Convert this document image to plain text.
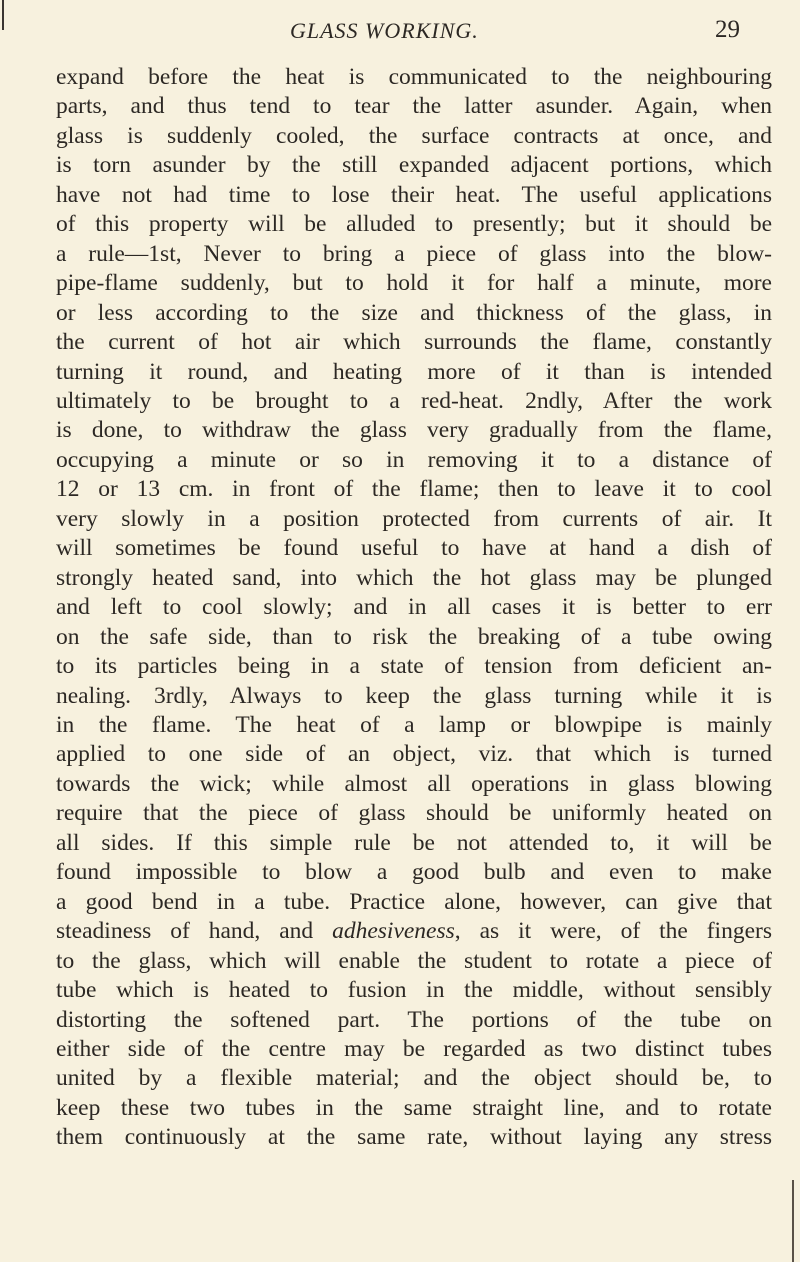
GLASS WORKING.	29

expand before the heat is communicated to the neighbouring
parts, and thus tend to tear the latter asunder. Again, when
glass is suddenly cooled, the surface contracts at once, and
is torn asunder by the still expanded adjacent portions, which
have not had time to lose their heat. The useful applications
of this property will be alluded to presently; but it should be
a rule—1st, Never to bring a piece of glass into the blow-
pipe-flame suddenly, but to hold it for half a minute, more
or less according to the size and thickness of the glass, in
the current of hot air which surrounds the flame, constantly
turning it round, and heating more of it than is intended
ultimately to be brought to a red-heat. 2ndly, After the work
is done, to withdraw the glass very gradually from the flame,
occupying a minute or so in removing it to a distance of
12 or 13 cm. in front of the flame; then to leave it to cool
very slowly in a position protected from currents of air. It
will sometimes be found useful to have at hand a dish of
strongly heated sand, into which the hot glass may be plunged
and left to cool slowly; and in all cases it is better to err
on the safe side, than to risk the breaking of a tube owing
to its particles being in a state of tension from deficient an-
nealing. 3rdly, Always to keep the glass turning while it is
in the flame. The heat of a lamp or blowpipe is mainly
applied to one side of an object, viz. that which is turned
towards the wick; while almost all operations in glass blowing
require that the piece of glass should be uniformly heated on
all sides. If this simple rule be not attended to, it will be
found impossible to blow a good bulb and even to make
a good bend in a tube. Practice alone, however, can give that
steadiness of hand, and adhesiveness, as it were, of the fingers
to the glass, which will enable the student to rotate a piece of
tube which is heated to fusion in the middle, without sensibly
distorting the softened part. The portions of the tube on
either side of the centre may be regarded as two distinct tubes
united by a flexible material; and the object should be, to
keep these two tubes in the same straight line, and to rotate
them continuously at the same rate, without laying any stress
